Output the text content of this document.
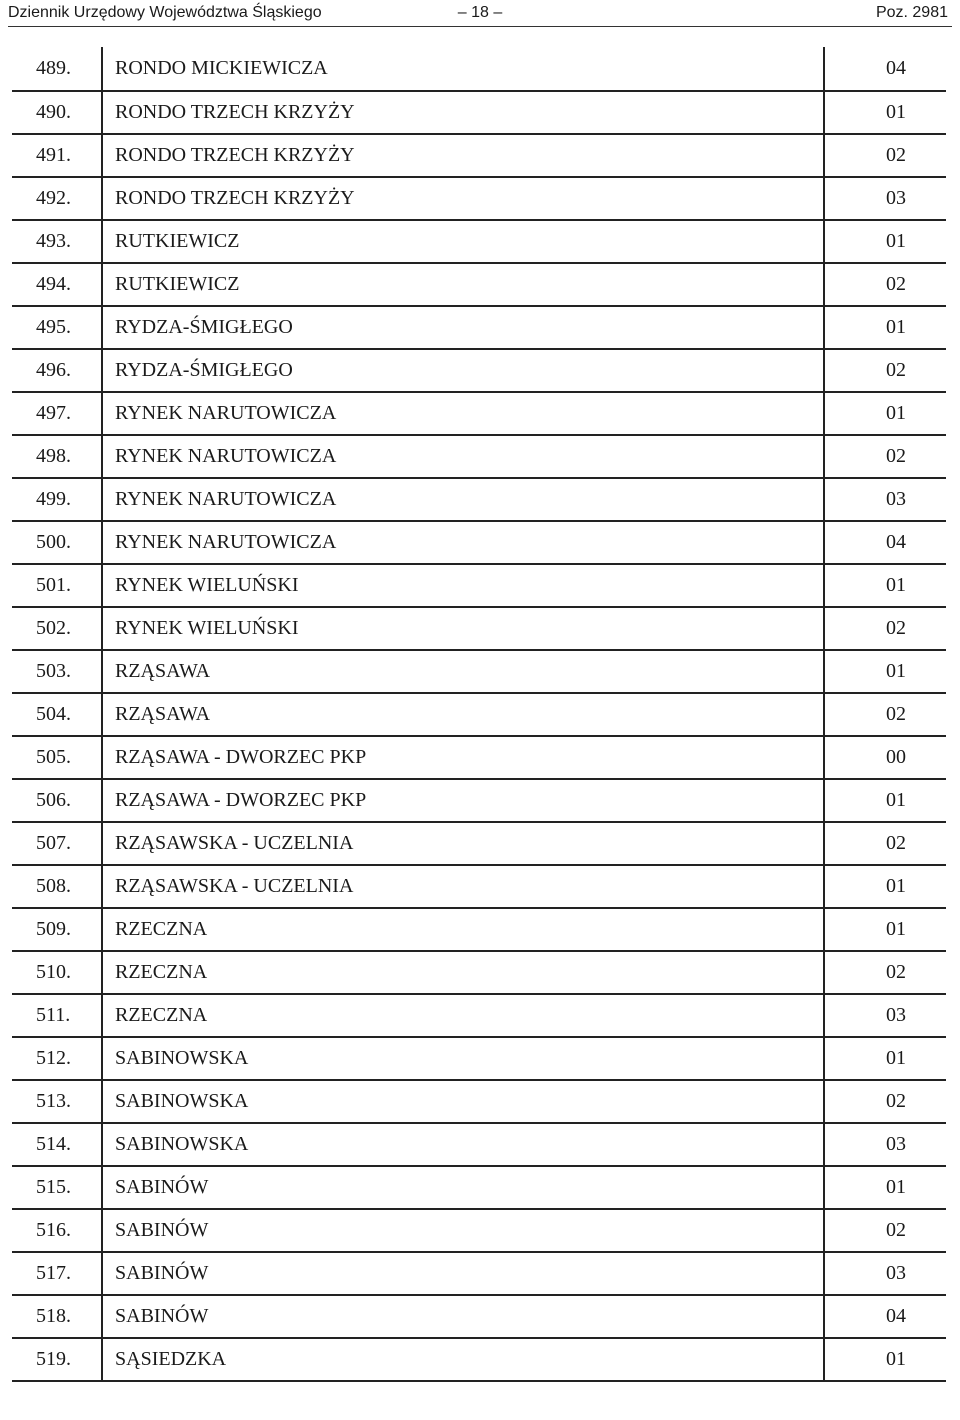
Dziennik Urzędowy Województwa Śląskiego	– 18 –	Poz. 2981
489.	RONDO MICKIEWICZA	04
490.	RONDO TRZECH KRZYŻY	01
491.	RONDO TRZECH KRZYŻY	02
492.	RONDO TRZECH KRZYŻY	03
493.	RUTKIEWICZ	01
494.	RUTKIEWICZ	02
495.	RYDZA-ŚMIGŁEGO	01
496.	RYDZA-ŚMIGŁEGO	02
497.	RYNEK NARUTOWICZA	01
498.	RYNEK NARUTOWICZA	02
499.	RYNEK NARUTOWICZA	03
500.	RYNEK NARUTOWICZA	04
501.	RYNEK WIELUŃSKI	01
502.	RYNEK WIELUŃSKI	02
503.	RZĄSAWA	01
504.	RZĄSAWA	02
505.	RZĄSAWA - DWORZEC PKP	00
506.	RZĄSAWA - DWORZEC PKP	01
507.	RZĄSAWSKA - UCZELNIA	02
508.	RZĄSAWSKA - UCZELNIA	01
509.	RZECZNA	01
510.	RZECZNA	02
511.	RZECZNA	03
512.	SABINOWSKA	01
513.	SABINOWSKA	02
514.	SABINOWSKA	03
515.	SABINÓW	01
516.	SABINÓW	02
517.	SABINÓW	03
518.	SABINÓW	04
519.	SĄSIEDZKA	01
